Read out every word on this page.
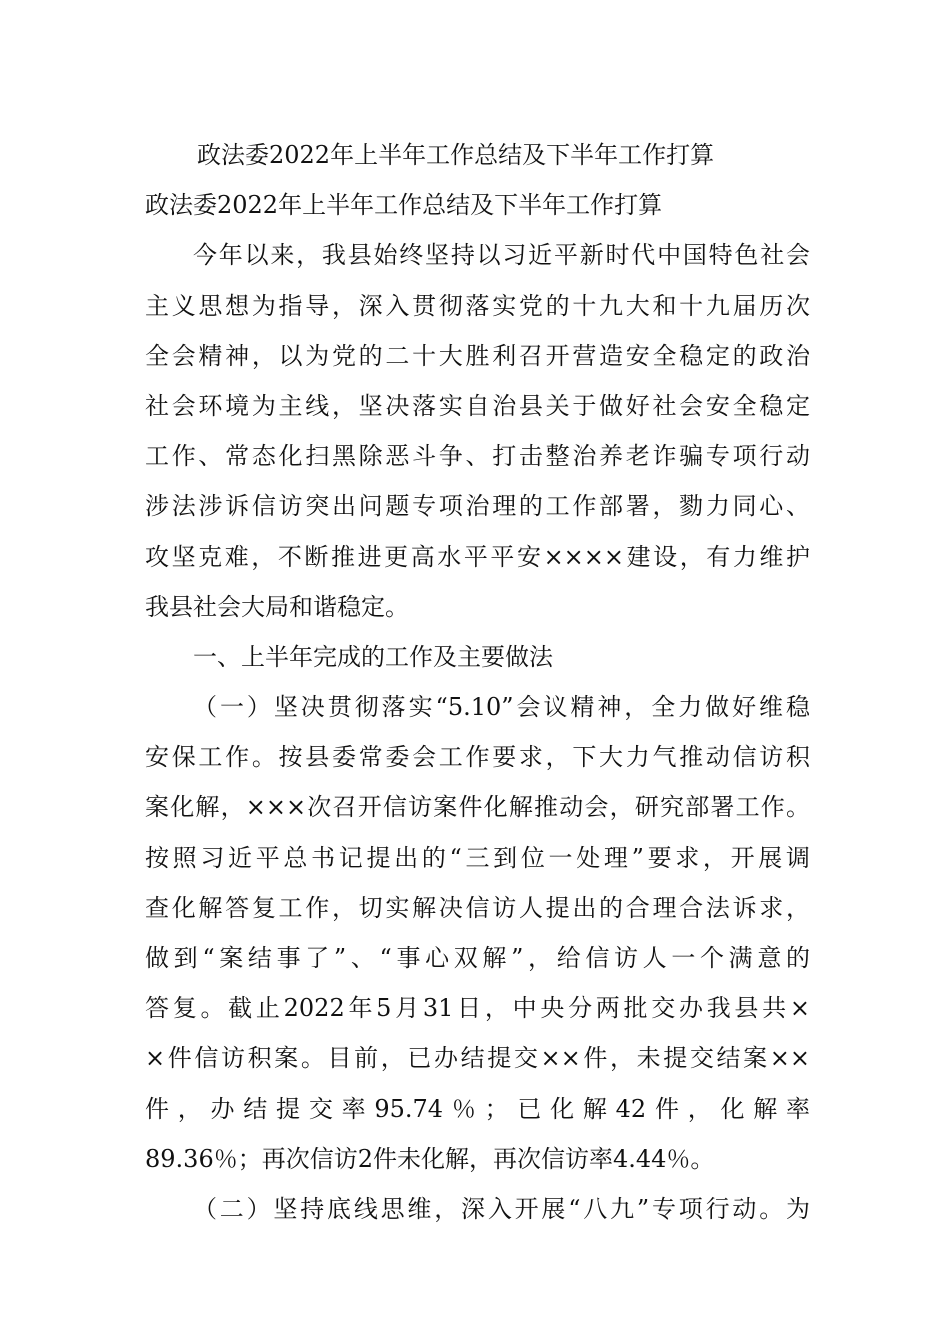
政法委2022年上半年工作总结及下半年工作打算
政法委2022年上半年工作总结及下半年工作打算
今年以来，我县始终坚持以习近平新时代中国特色社会
主义思想为指导，深入贯彻落实党的十九大和十九届历次
全会精神，以为党的二十大胜利召开营造安全稳定的政治
社会环境为主线，坚决落实自治县关于做好社会安全稳定
工作、常态化扫黑除恶斗争、打击整治养老诈骗专项行动
涉法涉诉信访突出问题专项治理的工作部署，勠力同心、
攻坚克难，不断推进更高水平平安××××建设，有力维护
我县社会大局和谐稳定。
一、上半年完成的工作及主要做法
（一）坚决贯彻落实“5.10”会议精神，全力做好维稳
安保工作。按县委常委会工作要求，下大力气推动信访积
案化解，×××次召开信访案件化解推动会，研究部署工作。
按照习近平总书记提出的“三到位一处理”要求，开展调
查化解答复工作，切实解决信访人提出的合理合法诉求，
做到“案结事了”、“事心双解”，给信访人一个满意的
答复。截止2022年5月31日，中央分两批交办我县共×
×件信访积案。目前，已办结提交××件，未提交结案××
件，办结提交率95.74％；已化解42件，化解率
89.36％；再次信访2件未化解，再次信访率4.44％。
（二）坚持底线思维，深入开展“八九”专项行动。为
